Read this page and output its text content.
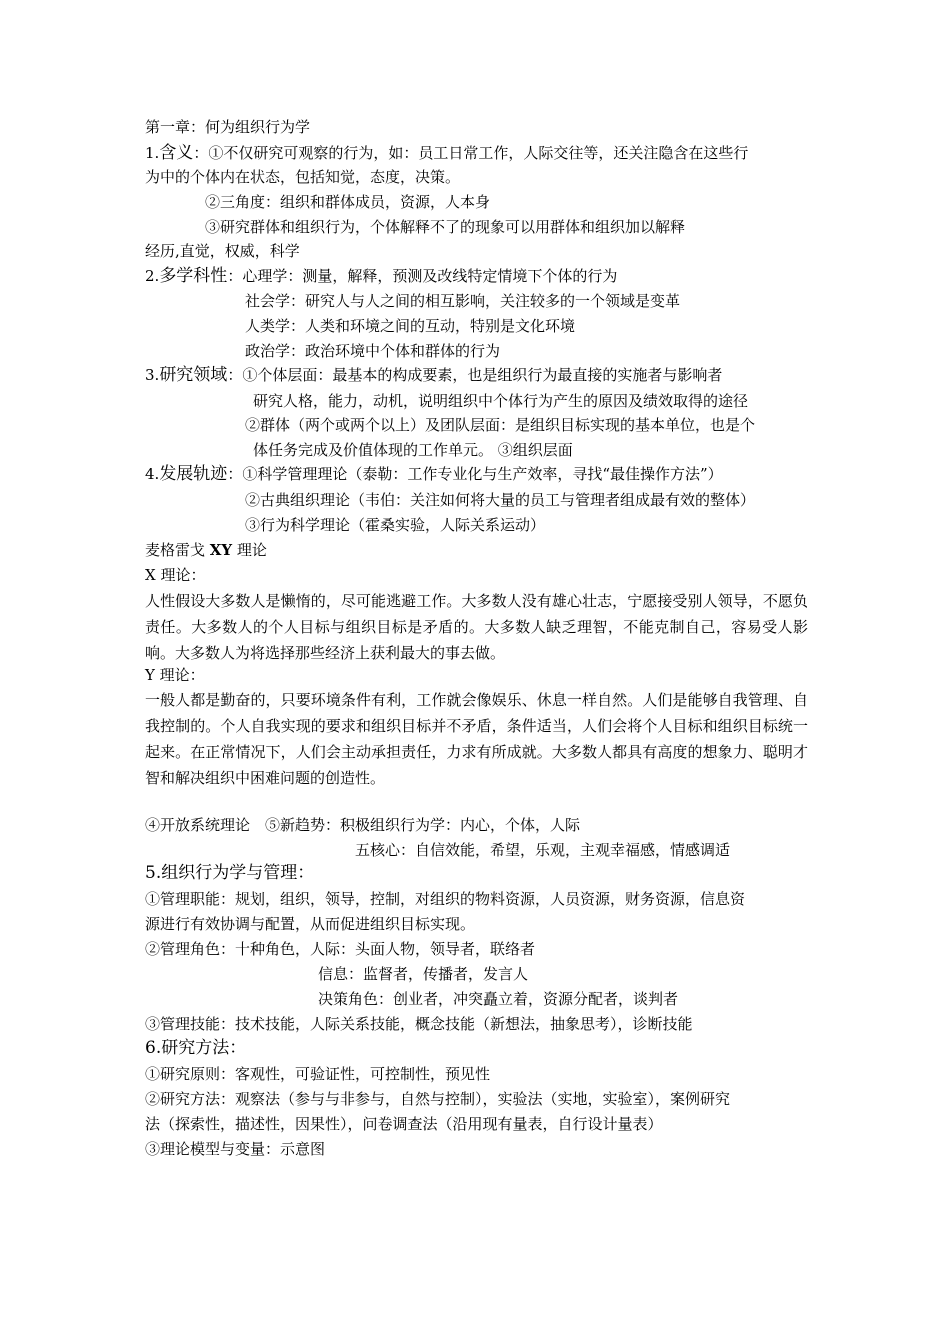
第一章：何为组织行为学
1.含义：①不仅研究可观察的行为，如：员工日常工作，人际交往等，还关注隐含在这些行
为中的个体内在状态，包括知觉，态度，决策。
②三角度：组织和群体成员，资源，人本身
③研究群体和组织行为，个体解释不了的现象可以用群体和组织加以解释
经历,直觉，权威，科学
2.多学科性：心理学：测量，解释，预测及改线特定情境下个体的行为
社会学：研究人与人之间的相互影响，关注较多的一个领域是变革
人类学：人类和环境之间的互动，特别是文化环境
政治学：政治环境中个体和群体的行为
3.研究领域：①个体层面：最基本的构成要素，也是组织行为最直接的实施者与影响者
研究人格，能力，动机，说明组织中个体行为产生的原因及绩效取得的途径
②群体（两个或两个以上）及团队层面：是组织目标实现的基本单位，也是个
体任务完成及价值体现的工作单元。 ③组织层面
4.发展轨迹：①科学管理理论（泰勒：工作专业化与生产效率，寻找“最佳操作方法”）
②古典组织理论（韦伯：关注如何将大量的员工与管理者组成最有效的整体）
③行为科学理论（霍桑实验，人际关系运动）
麦格雷戈 XY 理论
X 理论：
人性假设大多数人是懒惰的，尽可能逃避工作。大多数人没有雄心壮志，宁愿接受别人领导，不愿负责任。大多数人的个人目标与组织目标是矛盾的。大多数人缺乏理智，不能克制自己，容易受人影响。大多数人为将选择那些经济上获利最大的事去做。
Y 理论：
一般人都是勤奋的，只要环境条件有利，工作就会像娱乐、休息一样自然。人们是能够自我管理、自我控制的。个人自我实现的要求和组织目标并不矛盾，条件适当，人们会将个人目标和组织目标统一起来。在正常情况下，人们会主动承担责任，力求有所成就。大多数人都具有高度的想象力、聪明才智和解决组织中困难问题的创造性。
④开放系统理论　⑤新趋势：积极组织行为学：内心，个体，人际
五核心：自信效能，希望，乐观，主观幸福感，情感调适
5.组织行为学与管理：
①管理职能：规划，组织，领导，控制，对组织的物料资源，人员资源，财务资源，信息资
源进行有效协调与配置，从而促进组织目标实现。
②管理角色：十种角色，人际：头面人物，领导者，联络者
信息：监督者，传播者，发言人
决策角色：创业者，冲突矗立着，资源分配者，谈判者
③管理技能：技术技能，人际关系技能，概念技能（新想法，抽象思考），诊断技能
6.研究方法：
①研究原则：客观性，可验证性，可控制性，预见性
②研究方法：观察法（参与与非参与，自然与控制），实验法（实地，实验室），案例研究
法（探索性，描述性，因果性），问卷调查法（沿用现有量表，自行设计量表）
③理论模型与变量：示意图
